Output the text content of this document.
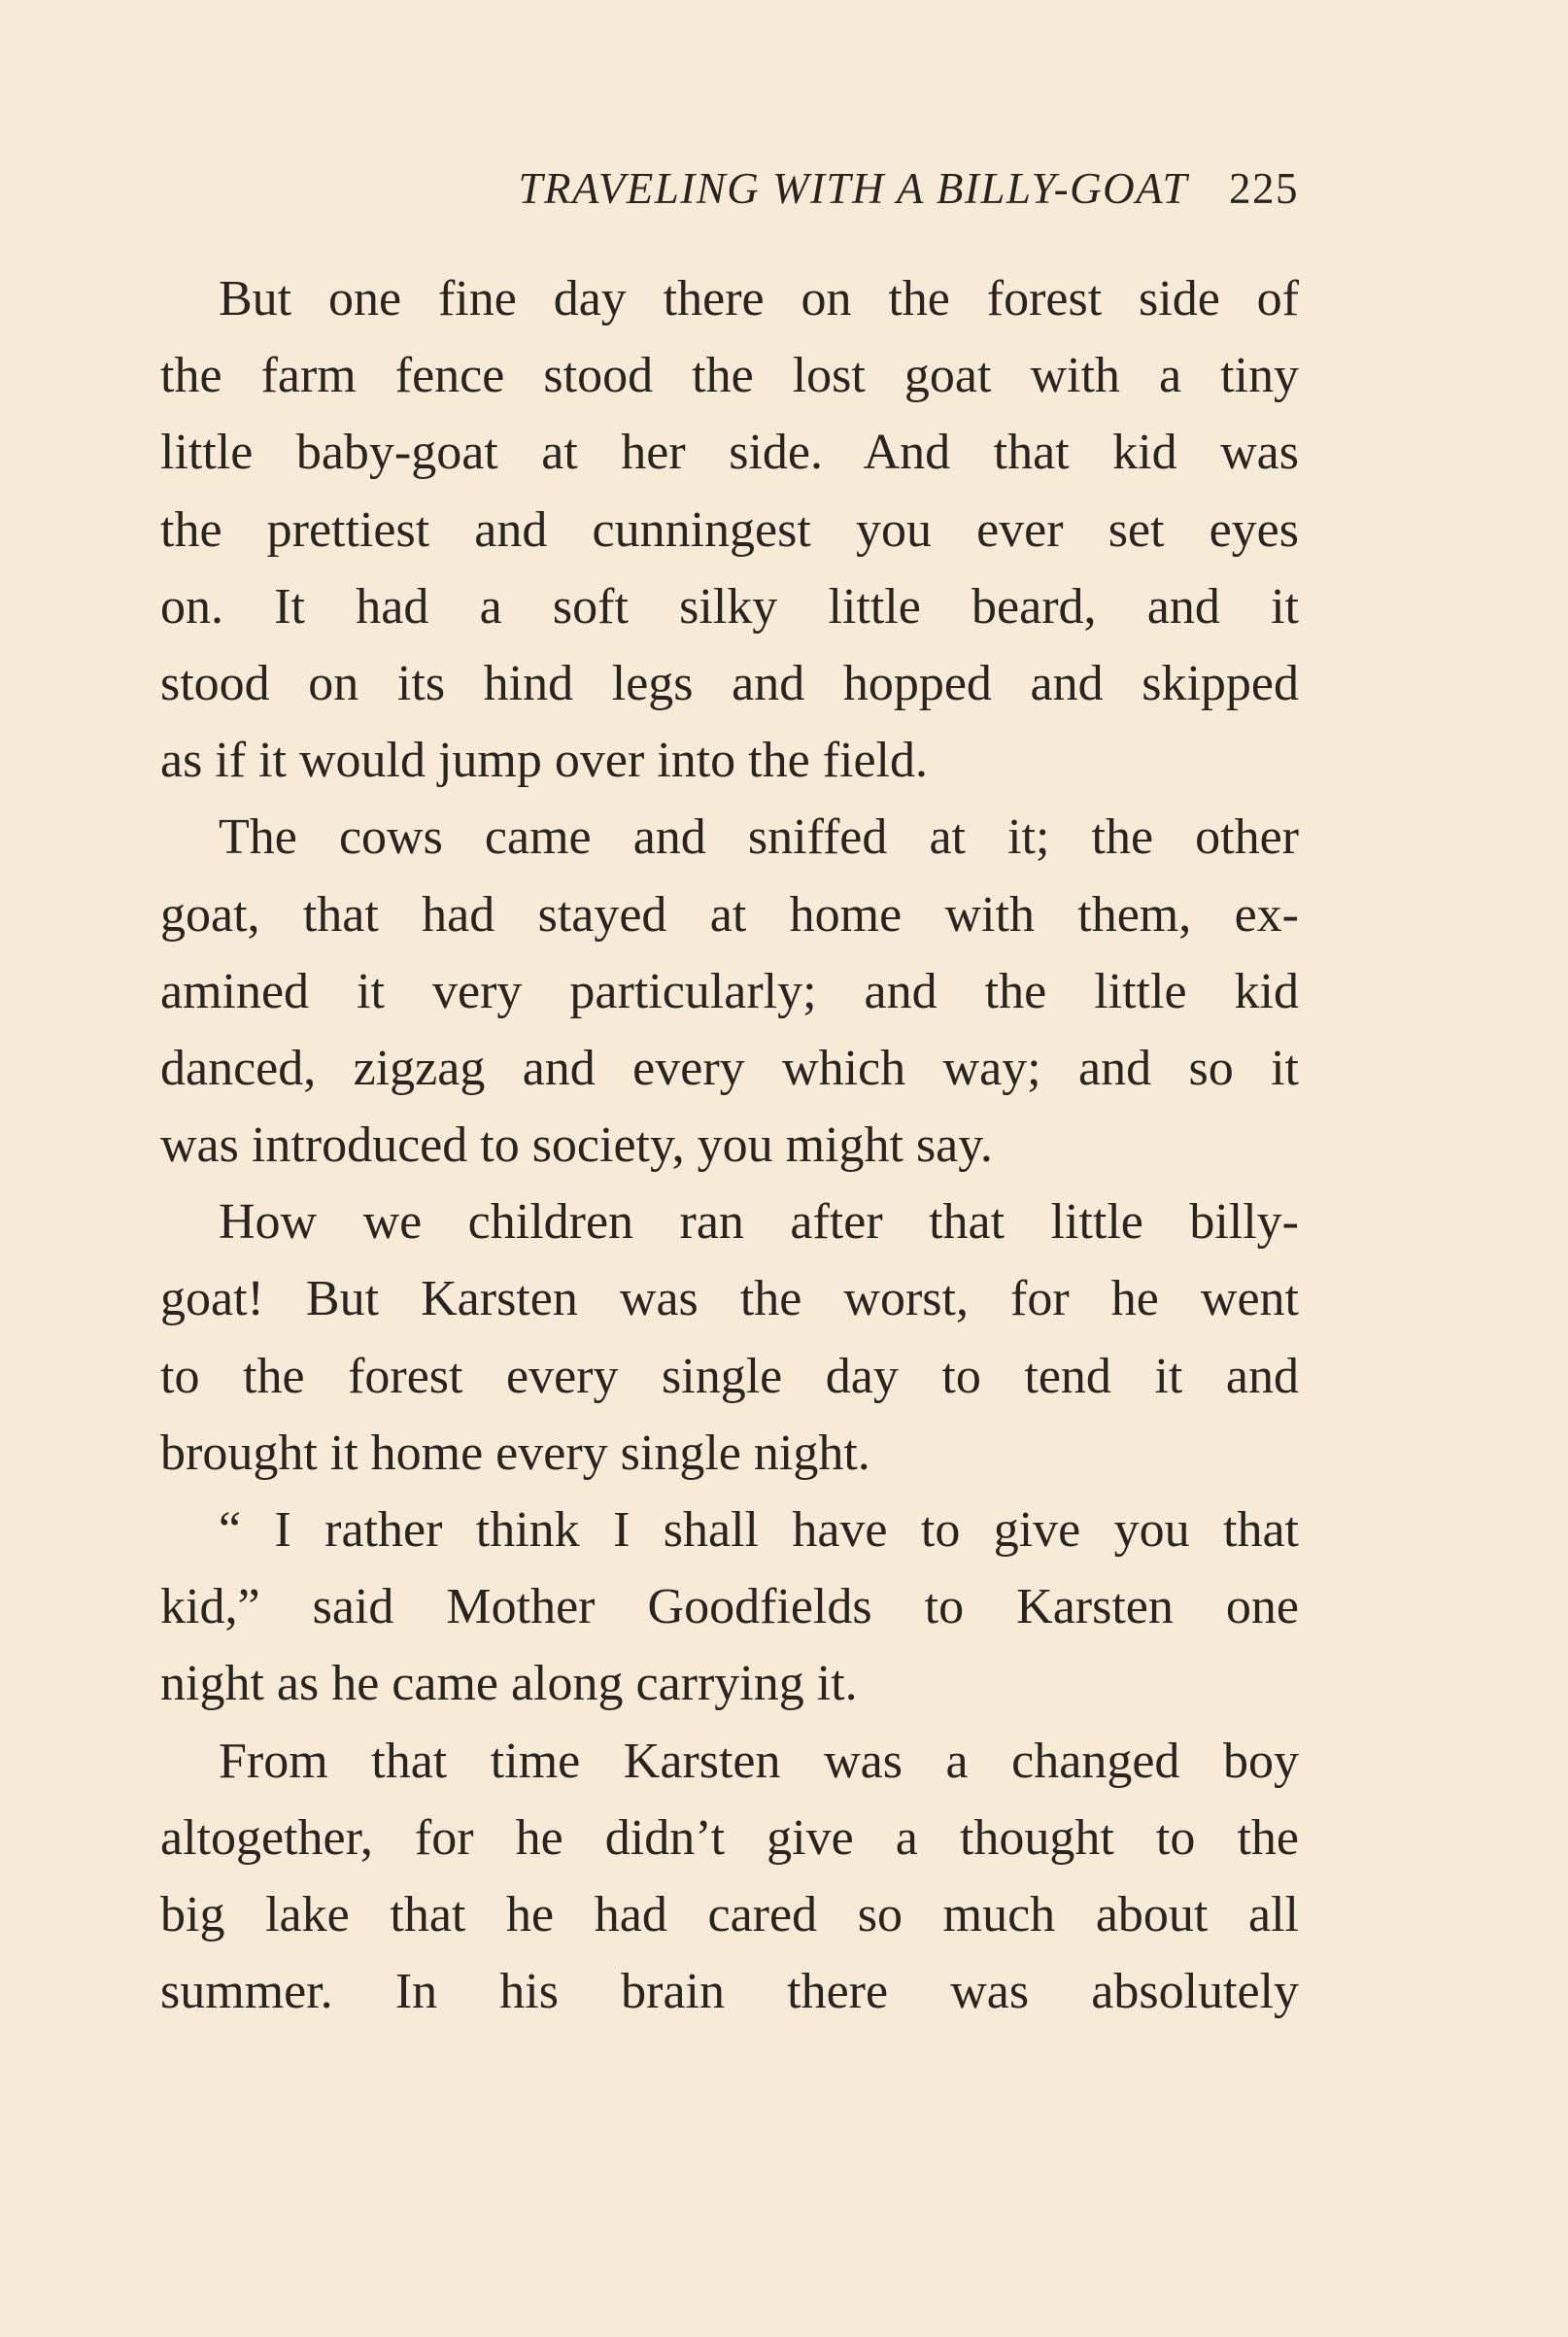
TRAVELING WITH A BILLY-GOAT 225
But one fine day there on the forest side of
the farm fence stood the lost goat with a tiny
little baby-goat at her side. And that kid was
the prettiest and cunningest you ever set eyes
on. It had a soft silky little beard, and it
stood on its hind legs and hopped and skipped
as if it would jump over into the field.
The cows came and sniffed at it; the other
goat, that had stayed at home with them, ex-
amined it very particularly; and the little kid
danced, zigzag and every which way; and so it
was introduced to society, you might say.
How we children ran after that little billy-
goat! But Karsten was the worst, for he went
to the forest every single day to tend it and
brought it home every single night.
“ I rather think I shall have to give you that
kid,” said Mother Goodfields to Karsten one
night as he came along carrying it.
From that time Karsten was a changed boy
altogether, for he didn’t give a thought to the
big lake that he had cared so much about all
summer. In his brain there was absolutely
